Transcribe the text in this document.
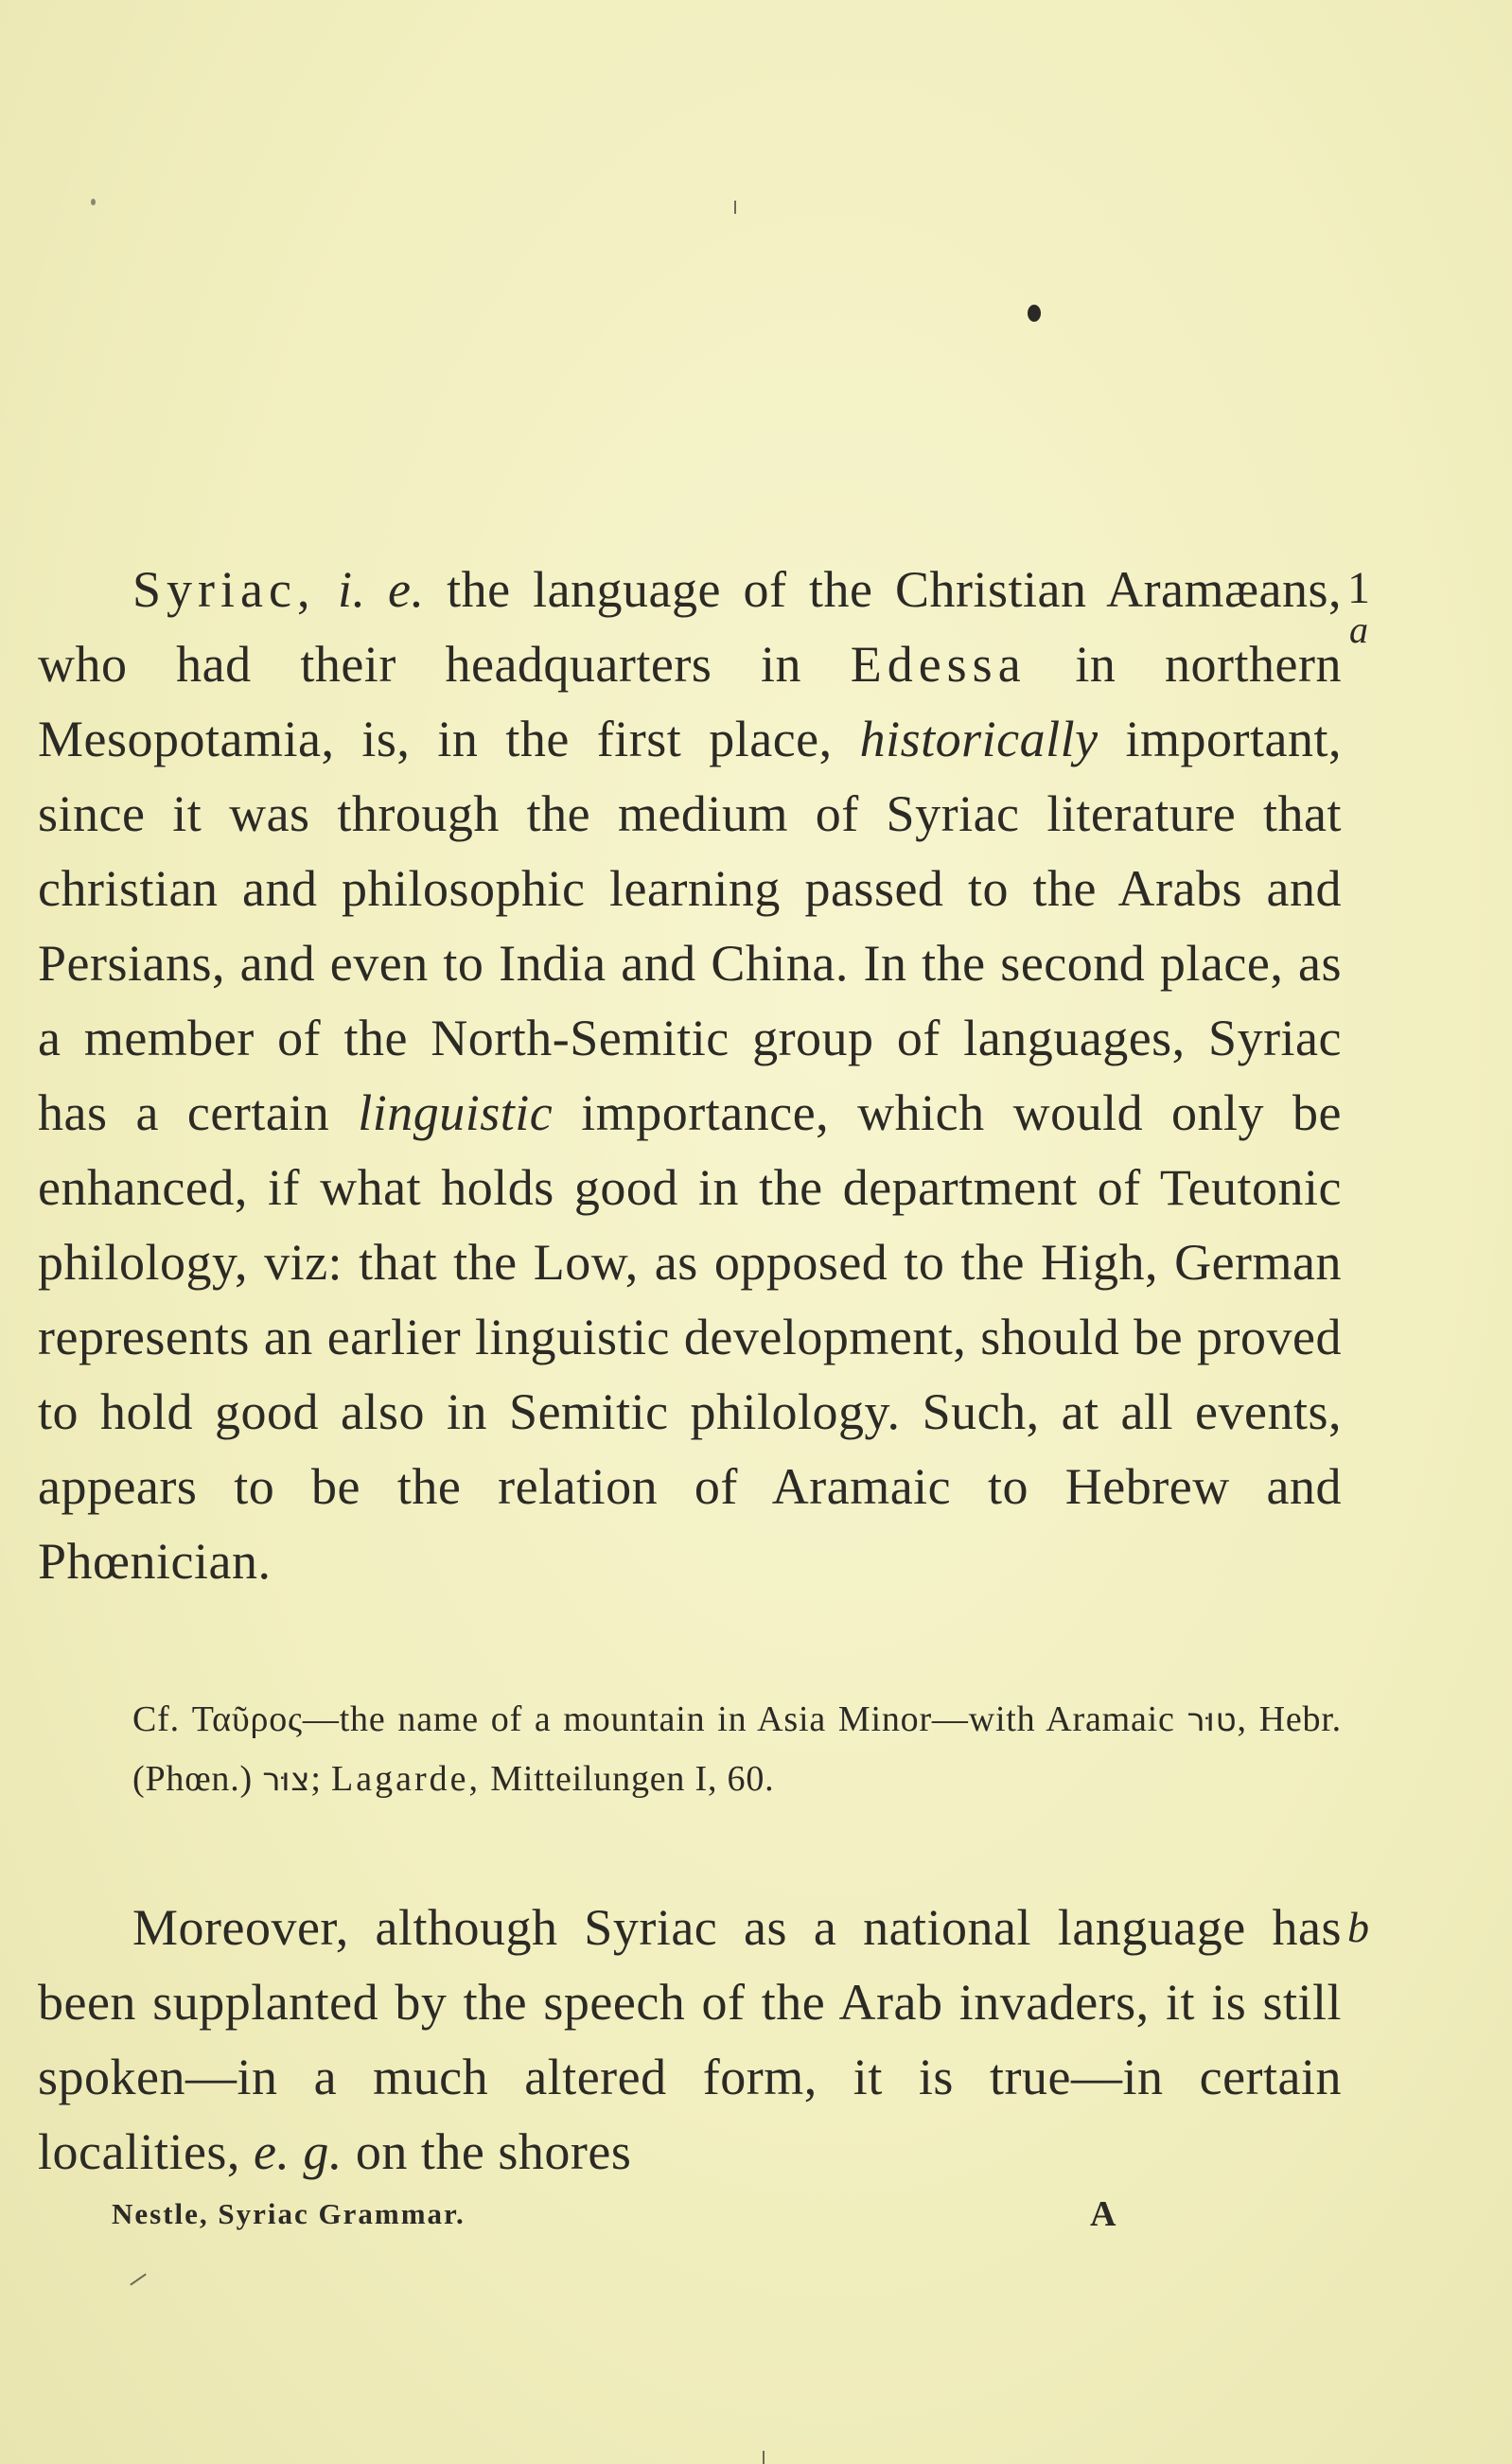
Syriac, i. e. the language of the Christian Aramæans, who had their headquarters in Edessa in northern Mesopotamia, is, in the first place, historically important, since it was through the medium of Syriac literature that christian and philosophic learning passed to the Arabs and Persians, and even to India and China. In the second place, as a member of the North-Semitic group of languages, Syriac has a certain linguistic importance, which would only be enhanced, if what holds good in the department of Teutonic philology, viz: that the Low, as opposed to the High, German represents an earlier linguistic development, should be proved to hold good also in Semitic philology. Such, at all events, appears to be the relation of Aramaic to Hebrew and Phœnician.

Cf. Ταῦρος—the name of a mountain in Asia Minor—with Aramaic טוּר, Hebr. (Phœn.) צוּר; Lagarde, Mitteilungen I, 60.

Moreover, although Syriac as a national language has been supplanted by the speech of the Arab invaders, it is still spoken—in a much altered form, it is true—in certain localities, e. g. on the shores

1
a
b
Nestle, Syriac Grammar.	A
